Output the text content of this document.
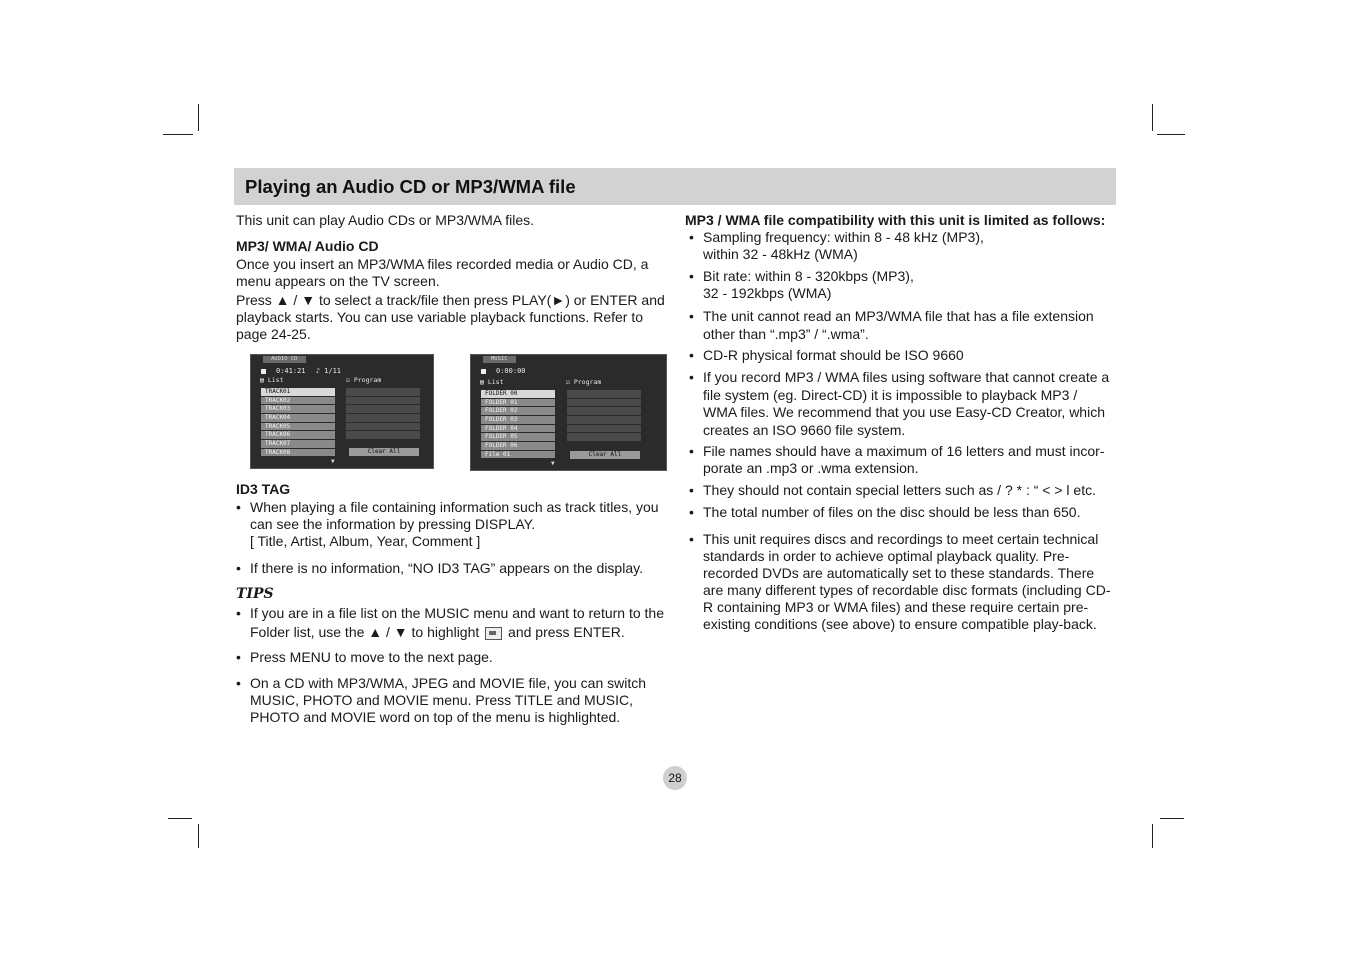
Playing an Audio CD or MP3/WMA file

This unit can play Audio CDs or MP3/WMA files.

MP3/ WMA/ Audio CD

Once you insert an MP3/WMA files recorded media or Audio CD, a menu appears on the TV screen.

Press ▲ / ▼ to select a track/file then press PLAY(►) or ENTER and playback starts. You can use variable playback functions. Refer to page 24-25.

AUDIO CD
0:41:21 ♪ 1/11
▤ List	☑ Program
TRACK01
TRACK02
TRACK03
TRACK04
TRACK05
TRACK06
TRACK07
TRACK08	Clear All
▼
MUSIC
0:00:00
▤ List	☑ Program
FOLDER 00
FOLDER 01
FOLDER 02
FOLDER 03
FOLDER 04
FOLDER 05
FOLDER 06
File 01	Clear All
▼

ID3 TAG

• When playing a file containing information such as track titles, you can see the information by pressing DISPLAY.

[ Title, Artist, Album, Year, Comment ]

• If there is no information, “NO ID3 TAG” appears on the display.

TIPS

• If you are in a file list on the MUSIC menu and want to return to the Folder list, use the ▲ / ▼ to highlight and press ENTER.

• Press MENU to move to the next page.

• On a CD with MP3/WMA, JPEG and MOVIE file, you can switch MUSIC, PHOTO and MOVIE menu. Press TITLE and MUSIC, PHOTO and MOVIE word on top of the menu is highlighted.

MP3 / WMA file compatibility with this unit is limited as follows:

• Sampling frequency: within 8 - 48 kHz (MP3),

within 32 - 48kHz (WMA)

• Bit rate: within 8 - 320kbps (MP3),

32 - 192kbps (WMA)

• The unit cannot read an MP3/WMA file that has a file extension other than “.mp3” / “.wma”.

• CD-R physical format should be ISO 9660

• If you record MP3 / WMA files using software that cannot create a file system (eg. Direct-CD) it is impossible to playback MP3 / WMA files. We recommend that you use Easy-CD Creator, which creates an ISO 9660 file system.

• File names should have a maximum of 16 letters and must incor-porate an .mp3 or .wma extension.

• They should not contain special letters such as / ? * : “ < > l etc.

• The total number of files on the disc should be less than 650.

• This unit requires discs and recordings to meet certain technical standards in order to achieve optimal playback quality. Pre-recorded DVDs are automatically set to these standards. There are many different types of recordable disc formats (including CD-R containing MP3 or WMA files) and these require certain pre-existing conditions (see above) to ensure compatible play-back.

28
